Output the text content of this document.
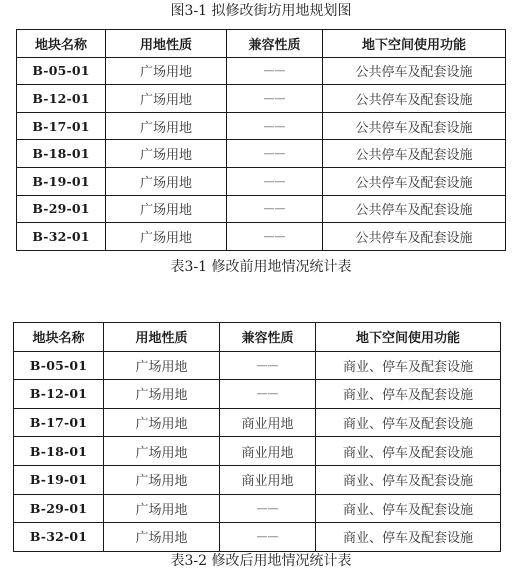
图3-1 拟修改街坊用地规划图
地块名称	用地性质	兼容性质	地下空间使用功能
B-05-01	广场用地	——	公共停车及配套设施
B-12-01	广场用地	——	公共停车及配套设施
B-17-01	广场用地	——	公共停车及配套设施
B-18-01	广场用地	——	公共停车及配套设施
B-19-01	广场用地	——	公共停车及配套设施
B-29-01	广场用地	——	公共停车及配套设施
B-32-01	广场用地	——	公共停车及配套设施
表3-1 修改前用地情况统计表
地块名称	用地性质	兼容性质	地下空间使用功能
B-05-01	广场用地	——	商业、停车及配套设施
B-12-01	广场用地	——	商业、停车及配套设施
B-17-01	广场用地	商业用地	商业、停车及配套设施
B-18-01	广场用地	商业用地	商业、停车及配套设施
B-19-01	广场用地	商业用地	商业、停车及配套设施
B-29-01	广场用地	——	商业、停车及配套设施
B-32-01	广场用地	——	商业、停车及配套设施
表3-2 修改后用地情况统计表
